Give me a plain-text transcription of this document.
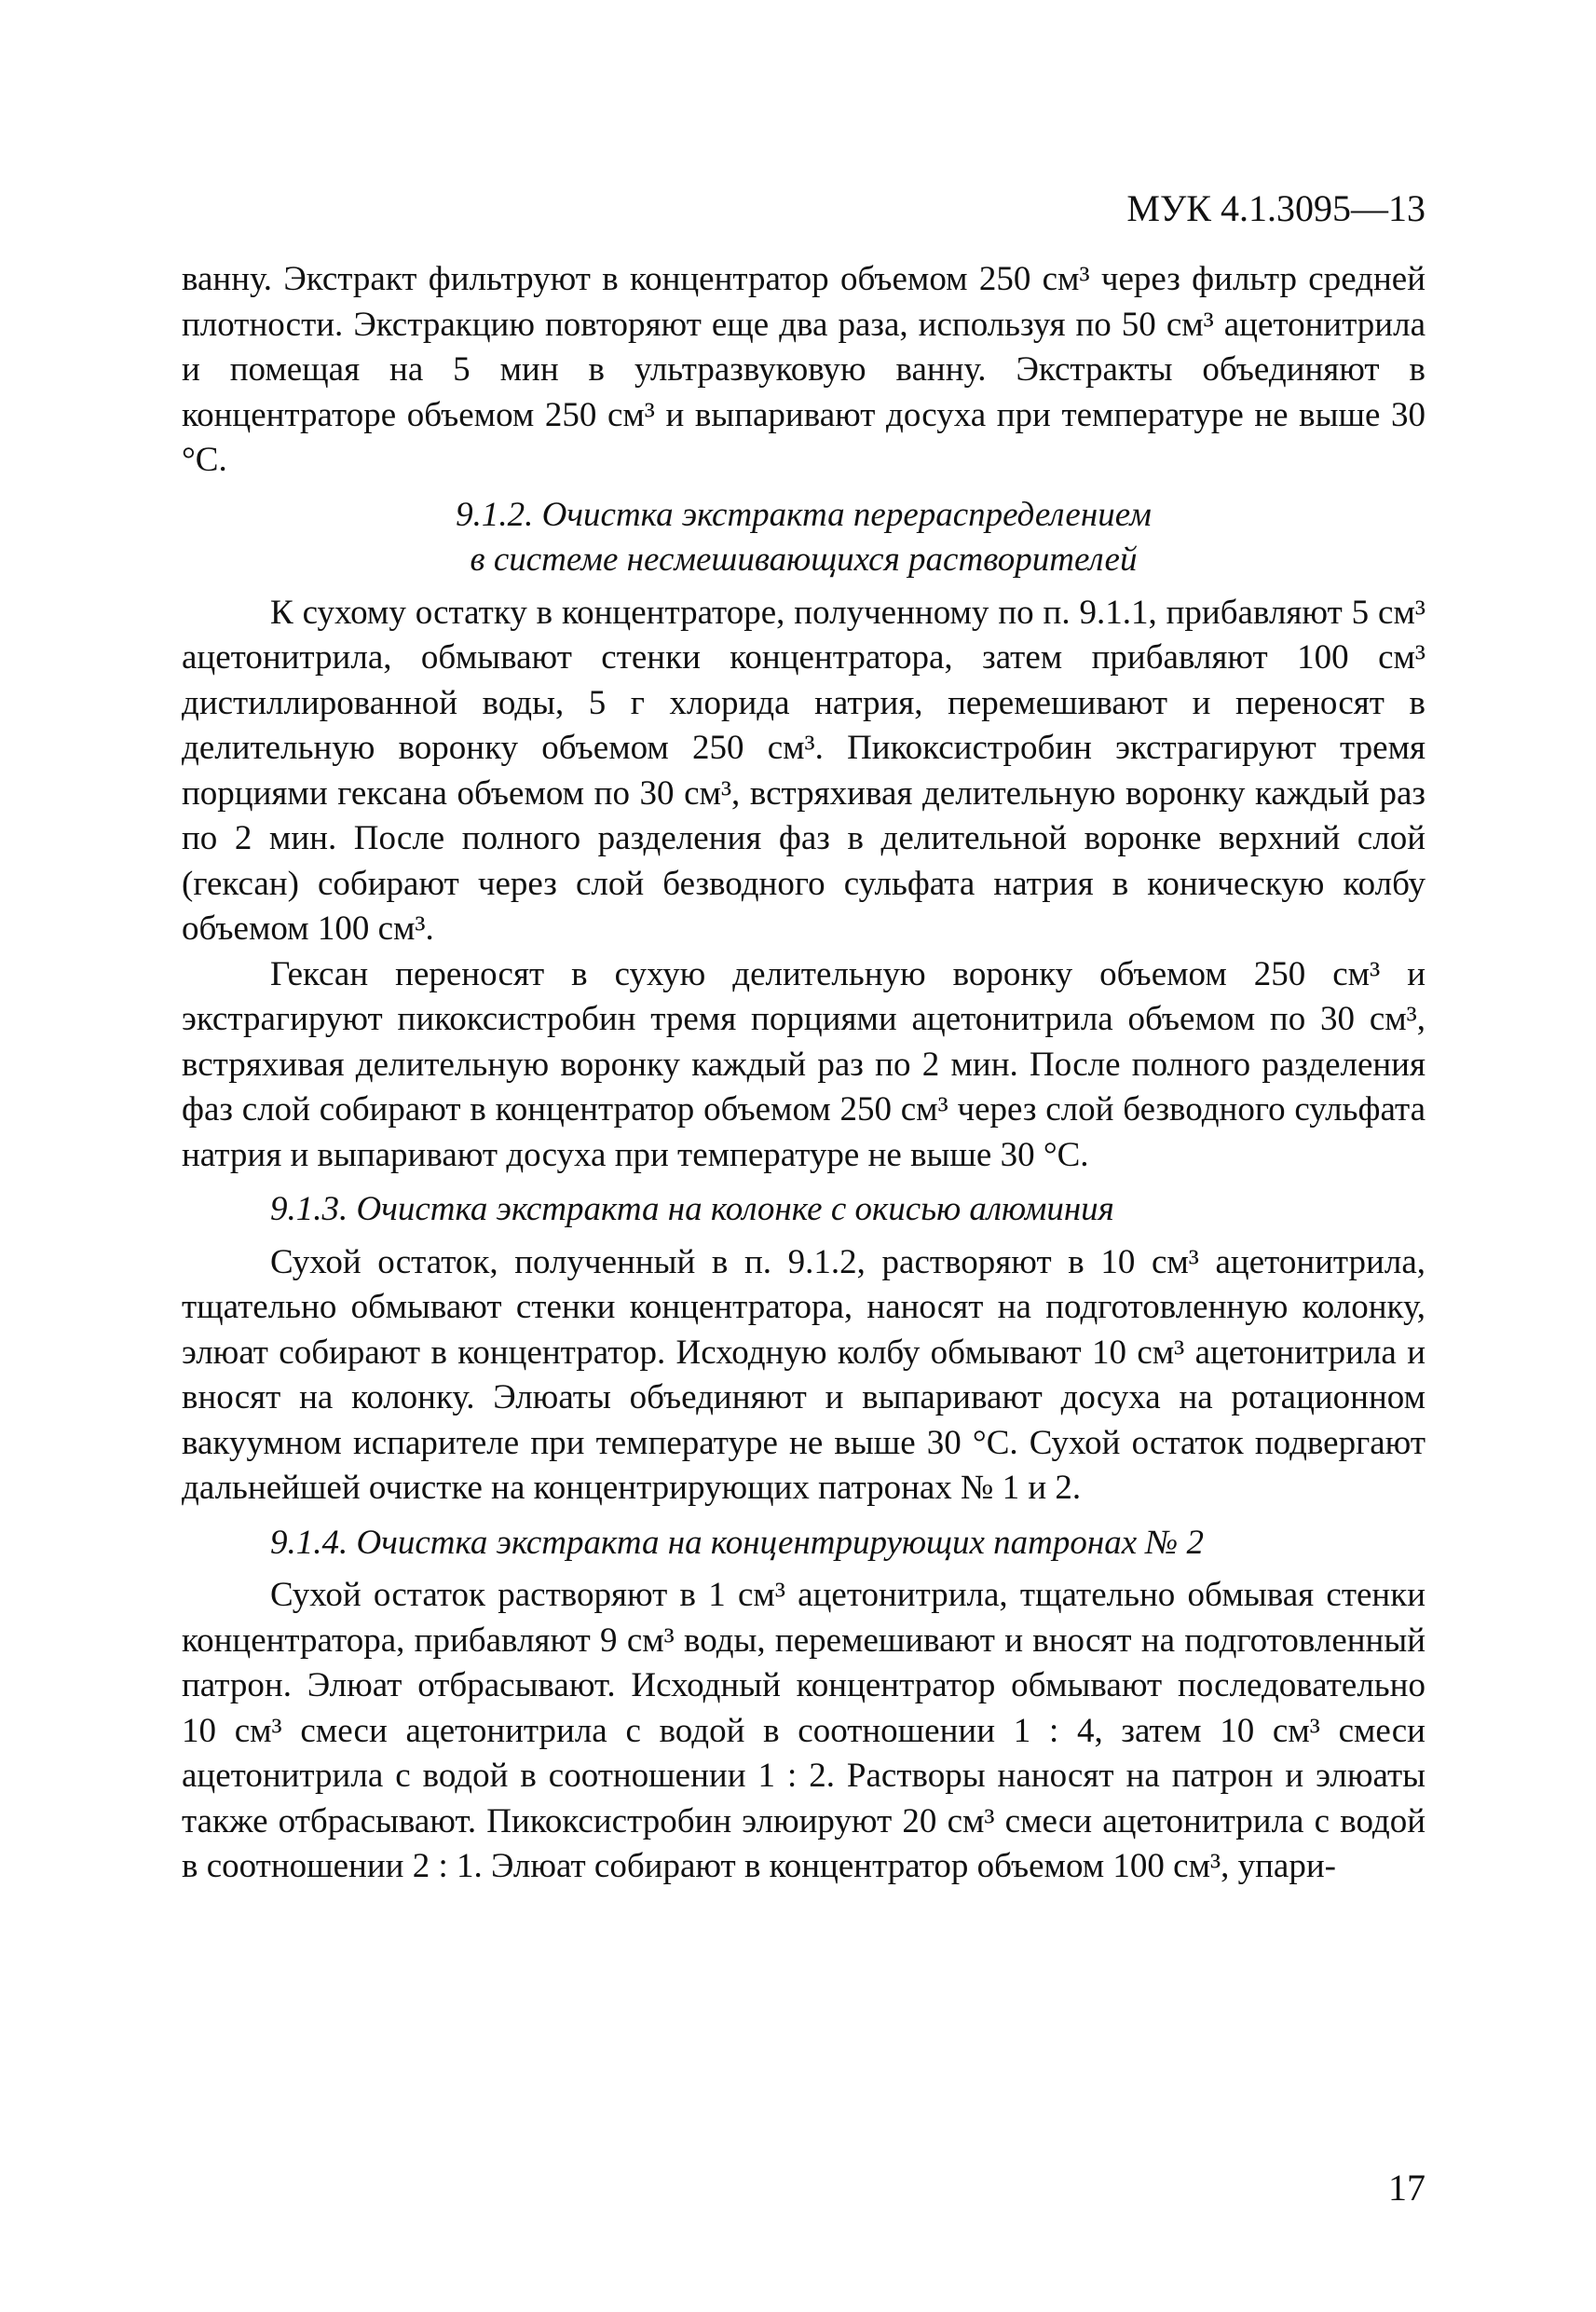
МУК 4.1.3095—13

ванну. Экстракт фильтруют в концентратор объемом 250 см³ через фильтр средней плотности. Экстракцию повторяют еще два раза, используя по 50 см³ ацетонитрила и помещая на 5 мин в ультразвуковую ванну. Экстракты объединяют в концентраторе объемом 250 см³ и выпаривают досуха при температуре не выше 30 °С.

9.1.2. Очистка экстракта перераспределением
в системе несмешивающихся растворителей

К сухому остатку в концентраторе, полученному по п. 9.1.1, прибавляют 5 см³ ацетонитрила, обмывают стенки концентратора, затем прибавляют 100 см³ дистиллированной воды, 5 г хлорида натрия, перемешивают и переносят в делительную воронку объемом 250 см³. Пикоксистробин экстрагируют тремя порциями гексана объемом по 30 см³, встряхивая делительную воронку каждый раз по 2 мин. После полного разделения фаз в делительной воронке верхний слой (гексан) собирают через слой безводного сульфата натрия в коническую колбу объемом 100 см³.

Гексан переносят в сухую делительную воронку объемом 250 см³ и экстрагируют пикоксистробин тремя порциями ацетонитрила объемом по 30 см³, встряхивая делительную воронку каждый раз по 2 мин. После полного разделения фаз слой собирают в концентратор объемом 250 см³ через слой безводного сульфата натрия и выпаривают досуха при температуре не выше 30 °С.

9.1.3. Очистка экстракта на колонке с окисью алюминия

Сухой остаток, полученный в п. 9.1.2, растворяют в 10 см³ ацетонитрила, тщательно обмывают стенки концентратора, наносят на подготовленную колонку, элюат собирают в концентратор. Исходную колбу обмывают 10 см³ ацетонитрила и вносят на колонку. Элюаты объединяют и выпаривают досуха на ротационном вакуумном испарителе при температуре не выше 30 °С. Сухой остаток подвергают дальнейшей очистке на концентрирующих патронах № 1 и 2.

9.1.4. Очистка экстракта на концентрирующих патронах № 2

Сухой остаток растворяют в 1 см³ ацетонитрила, тщательно обмывая стенки концентратора, прибавляют 9 см³ воды, перемешивают и вносят на подготовленный патрон. Элюат отбрасывают. Исходный концентратор обмывают последовательно 10 см³ смеси ацетонитрила с водой в соотношении 1 : 4, затем 10 см³ смеси ацетонитрила с водой в соотношении 1 : 2. Растворы наносят на патрон и элюаты также отбрасывают. Пикоксистробин элюируют 20 см³ смеси ацетонитрила с водой в соотношении 2 : 1. Элюат собирают в концентратор объемом 100 см³, упари-

17
